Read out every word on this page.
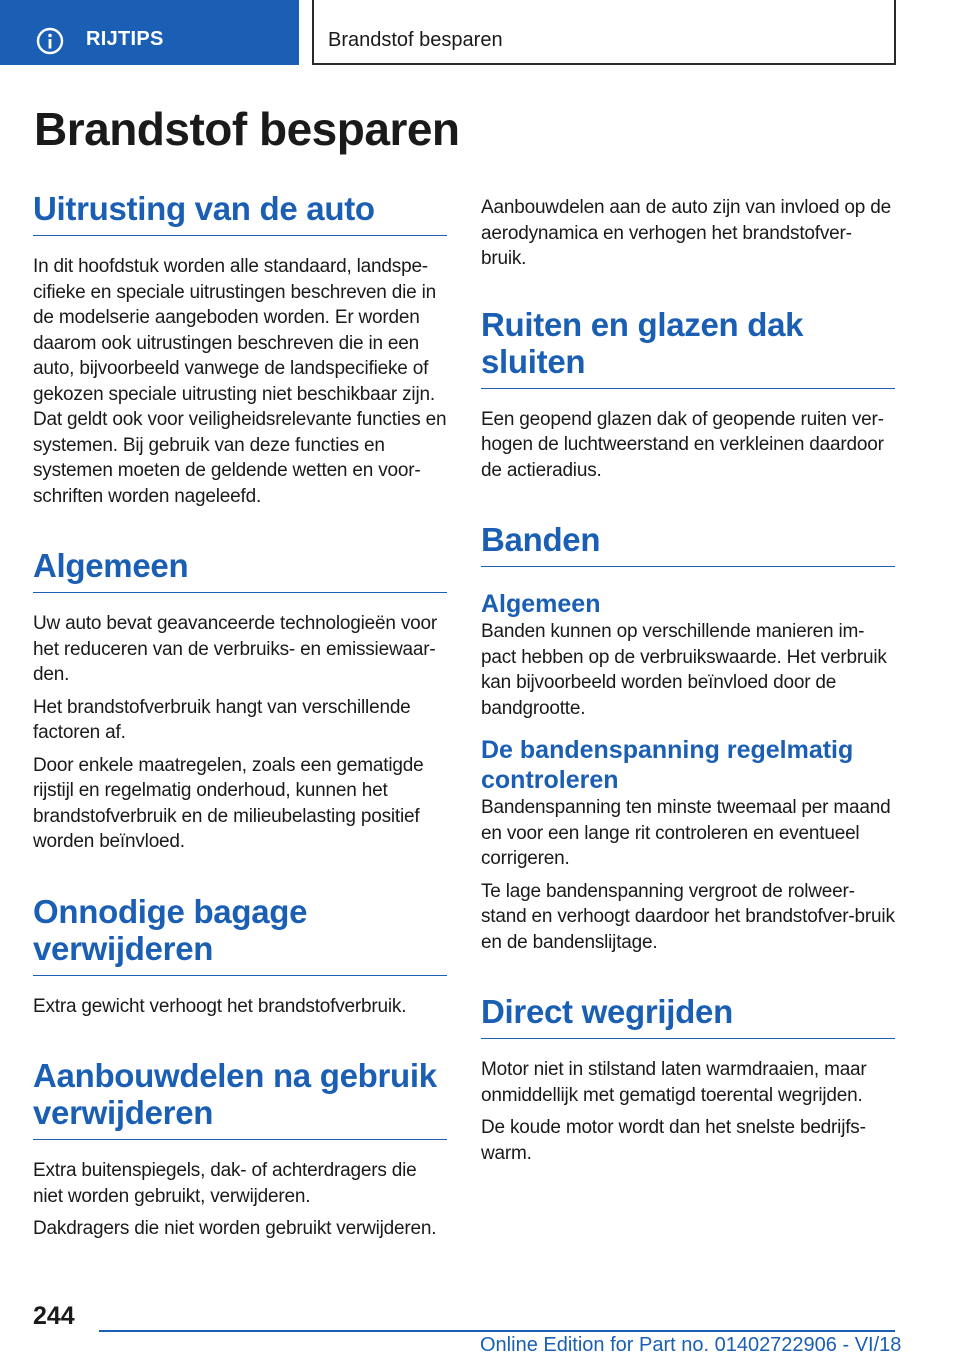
RIJTIPS	Brandstof besparen
Brandstof besparen
Uitrusting van de auto

In dit hoofdstuk worden alle standaard, landspe-cifieke en speciale uitrustingen beschreven die in de modelserie aangeboden worden. Er worden daarom ook uitrustingen beschreven die in een auto, bijvoorbeeld vanwege de landspecifieke of gekozen speciale uitrusting niet beschikbaar zijn. Dat geldt ook voor veiligheidsrelevante functies en systemen. Bij gebruik van deze functies en systemen moeten de geldende wetten en voor-schriften worden nageleefd.

Algemeen

Uw auto bevat geavanceerde technologieën voor het reduceren van de verbruiks- en emissiewaar-den.

Het brandstofverbruik hangt van verschillende factoren af.

Door enkele maatregelen, zoals een gematigde rijstijl en regelmatig onderhoud, kunnen het brandstofverbruik en de milieubelasting positief worden beïnvloed.

Onnodige bagage verwijderen

Extra gewicht verhoogt het brandstofverbruik.

Aanbouwdelen na gebruik verwijderen

Extra buitenspiegels, dak- of achterdragers die niet worden gebruikt, verwijderen.

Dakdragers die niet worden gebruikt verwijderen.

Aanbouwdelen aan de auto zijn van invloed op de aerodynamica en verhogen het brandstofver-bruik.

Ruiten en glazen dak sluiten

Een geopend glazen dak of geopende ruiten ver-hogen de luchtweerstand en verkleinen daardoor de actieradius.

Banden
Algemeen

Banden kunnen op verschillende manieren im-pact hebben op de verbruikswaarde. Het verbruik kan bijvoorbeeld worden beïnvloed door de bandgrootte.

De bandenspanning regelmatig controleren

Bandenspanning ten minste tweemaal per maand en voor een lange rit controleren en eventueel corrigeren.

Te lage bandenspanning vergroot de rolweer-stand en verhoogt daardoor het brandstofver-bruik en de bandenslijtage.

Direct wegrijden

Motor niet in stilstand laten warmdraaien, maar onmiddellijk met gematigd toerental wegrijden.

De koude motor wordt dan het snelste bedrijfs-warm.

244
Online Edition for Part no. 01402722906 - VI/18
